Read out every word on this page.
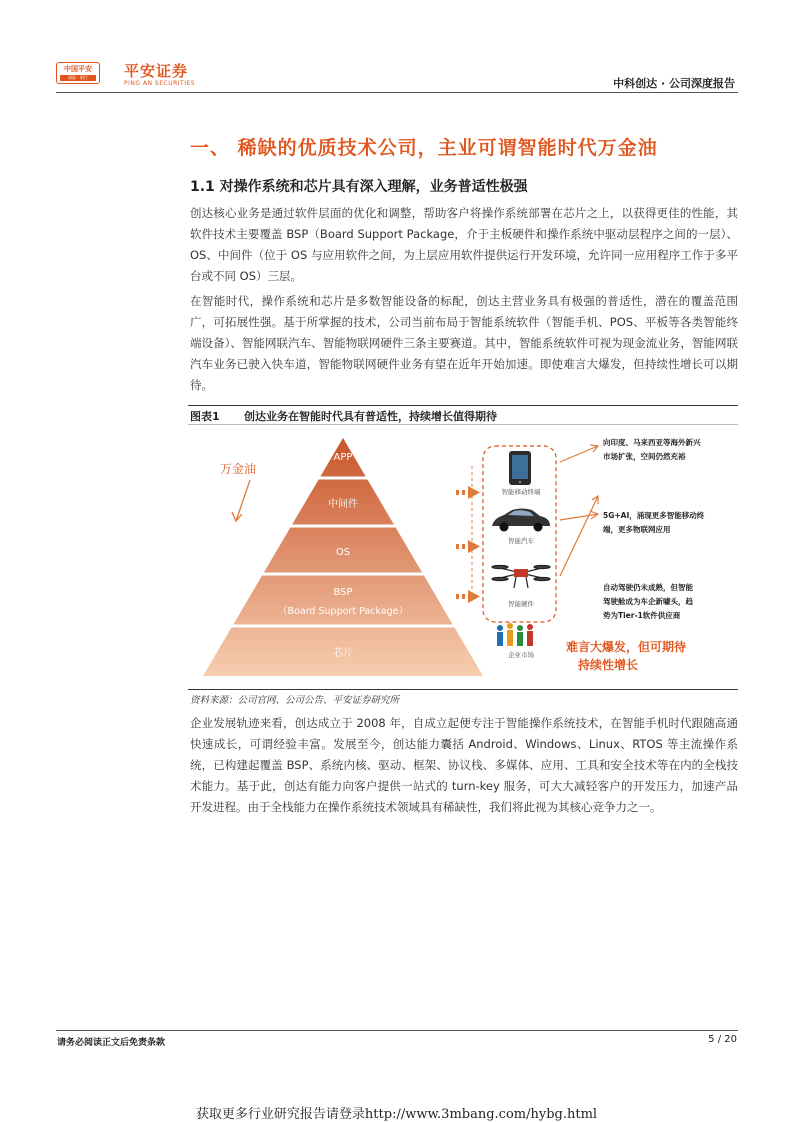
中国平安
保险 · 银行	平安证券
PING AN SECURITIES	中科创达 · 公司深度报告
一、 稀缺的优质技术公司，主业可谓智能时代万金油
1.1 对操作系统和芯片具有深入理解，业务普适性极强

创达核心业务是通过软件层面的优化和调整，帮助客户将操作系统部署在芯片之上，以获得更佳的性能，其软件技术主要覆盖 BSP（Board Support Package，介于主板硬件和操作系统中驱动层程序之间的一层）、OS、中间件（位于 OS 与应用软件之间，为上层应用软件提供运行开发环境，允许同一应用程序工作于多平台或不同 OS）三层。

在智能时代，操作系统和芯片是多数智能设备的标配，创达主营业务具有极强的普适性，潜在的覆盖范围广，可拓展性强。基于所掌握的技术，公司当前布局于智能系统软件（智能手机、POS、平板等各类智能终端设备）、智能网联汽车、智能物联网硬件三条主要赛道。其中，智能系统软件可视为现金流业务，智能网联汽车业务已驶入快车道，智能物联网硬件业务有望在近年开始加速。即使难言大爆发，但持续性增长可以期待。

图表1 创达业务在智能时代具有普适性，持续增长值得期待
APP
中间件
OS
BSP
（Board Support Package）
芯片
万金油
智能移动终端
智能汽车
智能硬件
企业市场
向印度、马来西亚等海外新兴
市场扩张，空间仍然充裕
5G+AI，涌现更多智能移动终
端，更多物联网应用
自动驾驶仍未成熟，但智能
驾驶舱成为车企新噱头，趋
势为Tier-1软件供应商
难言大爆发，但可期待
持续性增长
资料来源：公司官网、公司公告、平安证券研究所

企业发展轨迹来看，创达成立于 2008 年，自成立起便专注于智能操作系统技术，在智能手机时代跟随高通快速成长，可谓经验丰富。发展至今，创达能力囊括 Android、Windows、Linux、RTOS 等主流操作系统，已构建起覆盖 BSP、系统内核、驱动、框架、协议栈、多媒体、应用、工具和安全技术等在内的全栈技术能力。基于此，创达有能力向客户提供一站式的 turn-key 服务，可大大减轻客户的开发压力，加速产品开发进程。由于全栈能力在操作系统技术领域具有稀缺性，我们将此视为其核心竞争力之一。

请务必阅读正文后免责条款	5 / 20
获取更多行业研究报告请登录http://www.3mbang.com/hybg.html
